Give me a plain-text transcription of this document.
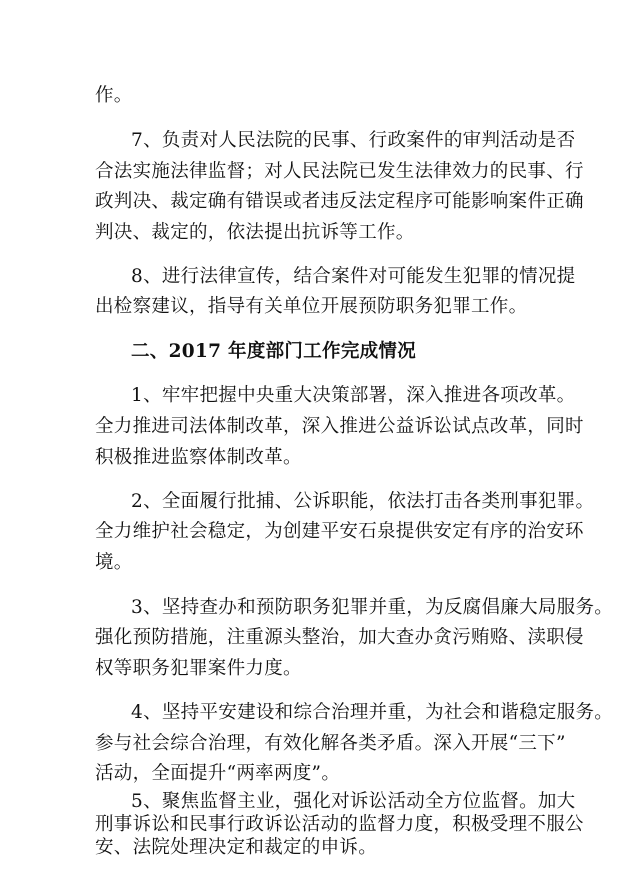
作。
7、负责对人民法院的民事、行政案件的审判活动是否
合法实施法律监督；对人民法院已发生法律效力的民事、行
政判决、裁定确有错误或者违反法定程序可能影响案件正确
判决、裁定的，依法提出抗诉等工作。
8、进行法律宣传，结合案件对可能发生犯罪的情况提
出检察建议，指导有关单位开展预防职务犯罪工作。
二、2017 年度部门工作完成情况
1、牢牢把握中央重大决策部署，深入推进各项改革。
全力推进司法体制改革，深入推进公益诉讼试点改革，同时
积极推进监察体制改革。
2、全面履行批捕、公诉职能，依法打击各类刑事犯罪。
全力维护社会稳定，为创建平安石泉提供安定有序的治安环
境。
3、坚持查办和预防职务犯罪并重，为反腐倡廉大局服务。
强化预防措施，注重源头整治，加大查办贪污贿赂、渎职侵
权等职务犯罪案件力度。
4、坚持平安建设和综合治理并重，为社会和谐稳定服务。
参与社会综合治理，有效化解各类矛盾。深入开展“三下”
活动，全面提升“两率两度”。
5、聚焦监督主业，强化对诉讼活动全方位监督。加大
刑事诉讼和民事行政诉讼活动的监督力度，积极受理不服公
安、法院处理决定和裁定的申诉。
